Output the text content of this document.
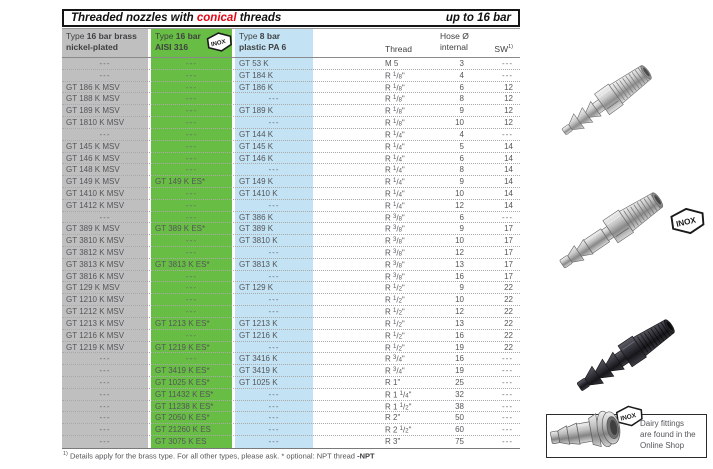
Threaded nozzles with conical threads	up to 16 bar
Type 16 bar brass
nickel-plated
Type 16 bar
AISI 316	INOX
Type 8 bar
plastic PA 6	Thread
Hose Ø
internal	SW$^{1)}$
---	---	GT 53 K	M 5	3	---
---	---	GT 184 K	R $^1$/8"	4	---
GT 186 K MSV	---	GT 186 K	R $^1$/8"	6	12
GT 188 K MSV	---	---	R $^1$/8"	8	12
GT 189 K MSV	---	GT 189 K	R $^1$/8"	9	12
GT 1810 K MSV	---	---	R $^1$/8"	10	12
---	---	GT 144 K	R $^1$/4"	4	---
GT 145 K MSV	---	GT 145 K	R $^1$/4"	5	14
GT 146 K MSV	---	GT 146 K	R $^1$/4"	6	14
GT 148 K MSV	---	---	R $^1$/4"	8	14
GT 149 K MSV	GT 149 K ES*	GT 149 K	R $^1$/4"	9	14
GT 1410 K MSV	---	GT 1410 K	R $^1$/4"	10	14
GT 1412 K MSV	---	---	R $^1$/4"	12	14
---	---	GT 386 K	R $^3$/8"	6	---
GT 389 K MSV	GT 389 K ES*	GT 389 K	R $^3$/8"	9	17
GT 3810 K MSV	---	GT 3810 K	R $^3$/8"	10	17
GT 3812 K MSV	---	---	R $^3$/8"	12	17
GT 3813 K MSV	GT 3813 K ES*	GT 3813 K	R $^3$/8"	13	17
GT 3816 K MSV	---	---	R $^3$/8"	16	17
GT 129 K MSV	---	GT 129 K	R $^1$/2"	9	22
GT 1210 K MSV	---	---	R $^1$/2"	10	22
GT 1212 K MSV	---	---	R $^1$/2"	12	22
GT 1213 K MSV	GT 1213 K ES*	GT 1213 K	R $^1$/2"	13	22
GT 1216 K MSV	---	GT 1216 K	R $^1$/2"	16	22
GT 1219 K MSV	GT 1219 K ES*	---	R $^1$/2"	19	22
---	---	GT 3416 K	R $^3$/4"	16	---
---	GT 3419 K ES*	GT 3419 K	R $^3$/4"	19	---
---	GT 1025 K ES*	GT 1025 K	R 1"	25	---
---	GT 11432 K ES*	---	R 1 $^1$/4"	32	---
---	GT 11238 K ES*	---	R 1 $^1$/2"	38	---
---	GT 2050 K ES*	---	R 2"	50	---
---	GT 21260 K ES	---	R 2 $^1$/2"	60	---
---	GT 3075 K ES	---	R 3"	75	---
$^{1)}$ Details apply for the brass type. For all other types, please ask. * optional: NPT thread -NPT
INOX
INOX
Dairy fittings
are found in the
Online Shop
